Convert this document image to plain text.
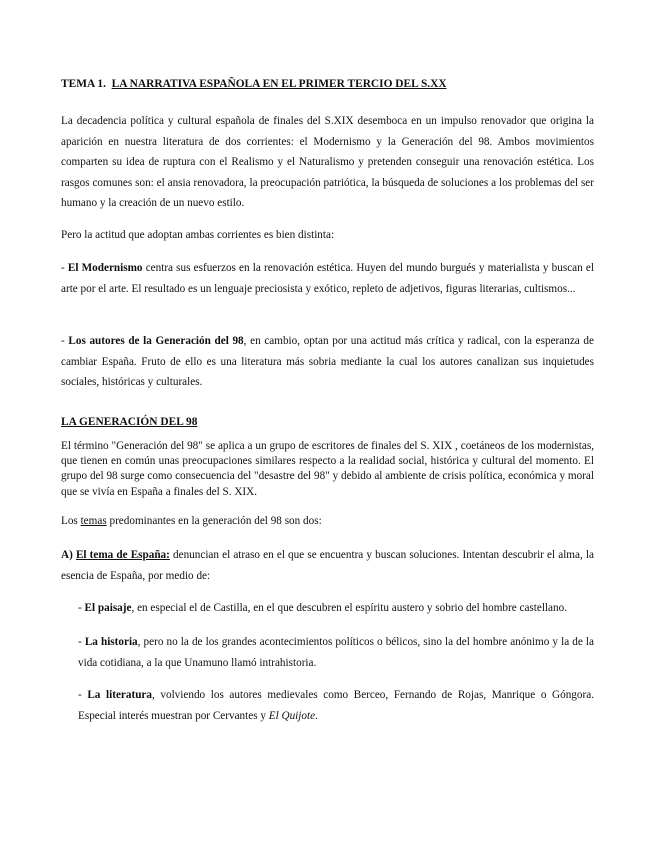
TEMA 1. LA NARRATIVA ESPAÑOLA EN EL PRIMER TERCIO DEL S.XX
La decadencia política y cultural española de finales del S.XIX desemboca en un impulso renovador que origina la aparición en nuestra literatura de dos corrientes: el Modernismo y la Generación del 98. Ambos movimientos comparten su idea de ruptura con el Realismo y el Naturalismo y pretenden conseguir una renovación estética. Los rasgos comunes son: el ansia renovadora, la preocupación patriótica, la búsqueda de soluciones a los problemas del ser humano y la creación de un nuevo estilo.
Pero la actitud que adoptan ambas corrientes es bien distinta:
- El Modernismo centra sus esfuerzos en la renovación estética. Huyen del mundo burgués y materialista y buscan el arte por el arte. El resultado es un lenguaje preciosista y exótico, repleto de adjetivos, figuras literarias, cultismos...
- Los autores de la Generación del 98, en cambio, optan por una actitud más crítica y radical, con la esperanza de cambiar España. Fruto de ello es una literatura más sobria mediante la cual los autores canalizan sus inquietudes sociales, históricas y culturales.
LA GENERACIÓN DEL 98
El término "Generación del 98" se aplica a un grupo de escritores de finales del S. XIX , coetáneos de los modernistas, que tienen en común unas preocupaciones similares respecto a la realidad social, histórica y cultural del momento. El grupo del 98 surge como consecuencia del "desastre del 98" y debido al ambiente de crisis política, económica y moral que se vivía en España a finales del S. XIX.
Los temas predominantes en la generación del 98 son dos:
A) El tema de España: denuncian el atraso en el que se encuentra y buscan soluciones. Intentan descubrir el alma, la esencia de España, por medio de:
- El paisaje, en especial el de Castilla, en el que descubren el espíritu austero y sobrio del hombre castellano.
- La historia, pero no la de los grandes acontecimientos políticos o bélicos, sino la del hombre anónimo y la de la vida cotidiana, a la que Unamuno llamó intrahistoria.
- La literatura, volviendo los autores medievales como Berceo, Fernando de Rojas, Manrique o Góngora. Especial interés muestran por Cervantes y El Quijote.
